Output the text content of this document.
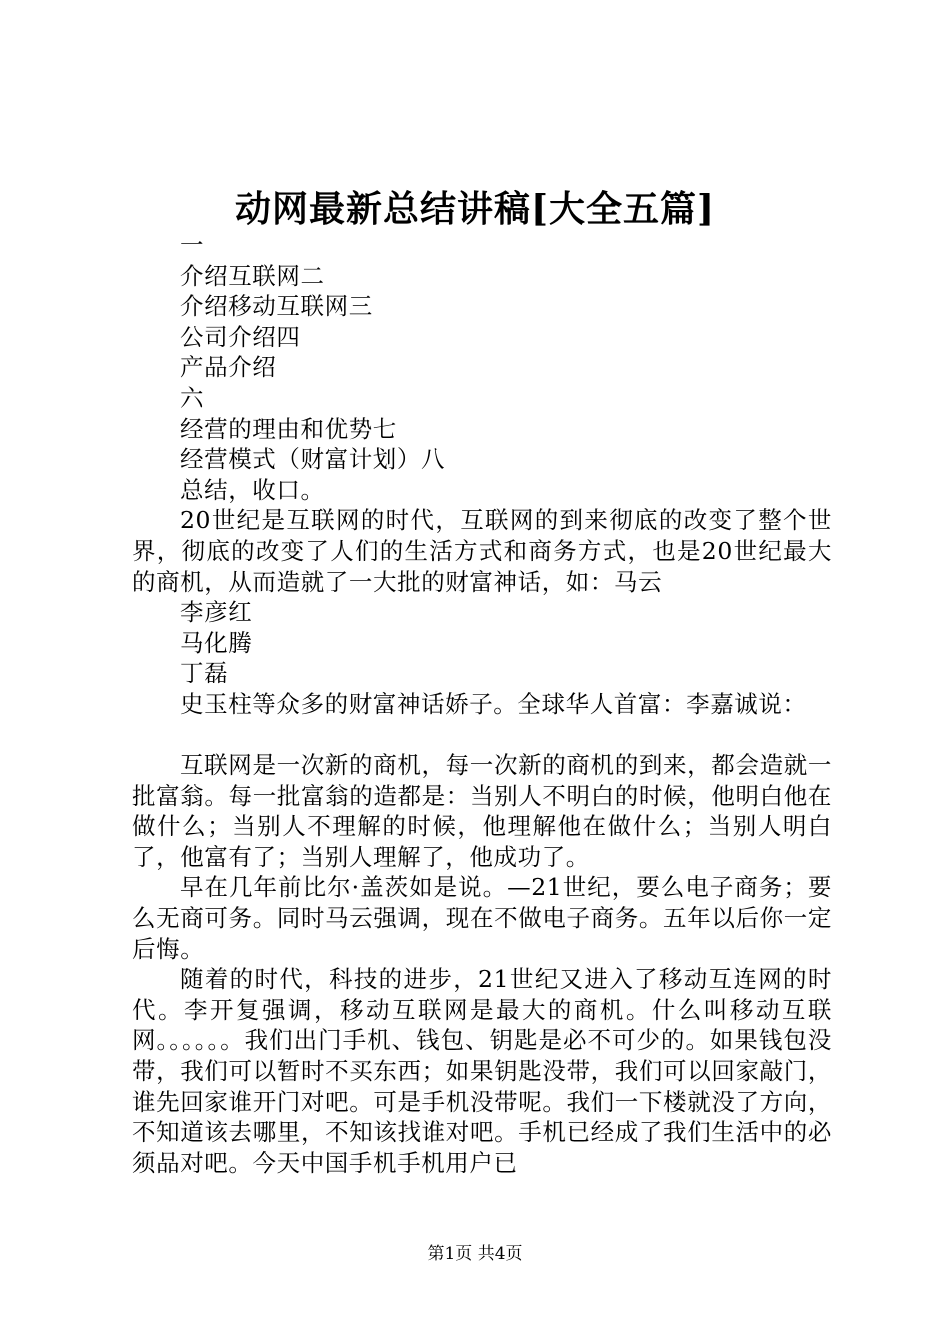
动网最新总结讲稿[大全五篇]

一

介绍互联网二

介绍移动互联网三

公司介绍四

产品介绍

六

经营的理由和优势七

经营模式（财富计划）八

总结，收口。

20世纪是互联网的时代，互联网的到来彻底的改变了整个世界，彻底的改变了人们的生活方式和商务方式，也是20世纪最大的商机，从而造就了一大批的财富神话，如：马云

李彦红

马化腾

丁磊

史玉柱等众多的财富神话娇子。全球华人首富：李嘉诚说：

互联网是一次新的商机，每一次新的商机的到来，都会造就一批富翁。每一批富翁的造都是：当别人不明白的时候，他明白他在做什么；当别人不理解的时候，他理解他在做什么；当别人明白了，他富有了；当别人理解了，他成功了。

早在几年前比尔·盖茨如是说。—21世纪，要么电子商务；要么无商可务。同时马云强调，现在不做电子商务。五年以后你一定后悔。

随着的时代，科技的进步，21世纪又进入了移动互连网的时代。李开复强调，移动互联网是最大的商机。什么叫移动互联网。。。。。。我们出门手机、钱包、钥匙是必不可少的。如果钱包没带，我们可以暂时不买东西；如果钥匙没带，我们可以回家敲门，谁先回家谁开门对吧。可是手机没带呢。我们一下楼就没了方向，不知道该去哪里，不知该找谁对吧。手机已经成了我们生活中的必须品对吧。今天中国手机手机用户已

第1页 共4页
